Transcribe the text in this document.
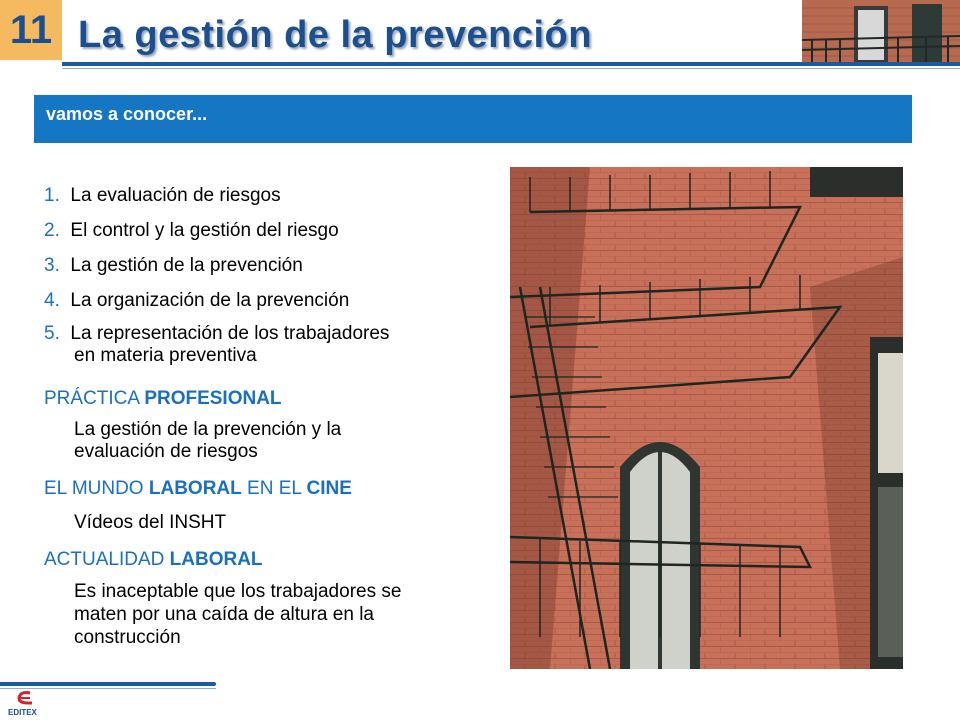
11 La gestión de la prevención
vamos a conocer...
1. La evaluación de riesgos
2. El control y la gestión del riesgo
3. La gestión de la prevención
4. La organización de la prevención
5. La representación de los trabajadores
en materia preventiva
PRÁCTICA PROFESIONAL
La gestión de la prevención y la
evaluación de riesgos
EL MUNDO LABORAL EN EL CINE
Vídeos del INSHT
ACTUALIDAD LABORAL
Es inaceptable que los trabajadores se
maten por una caída de altura en la
construcción
EDITEX
